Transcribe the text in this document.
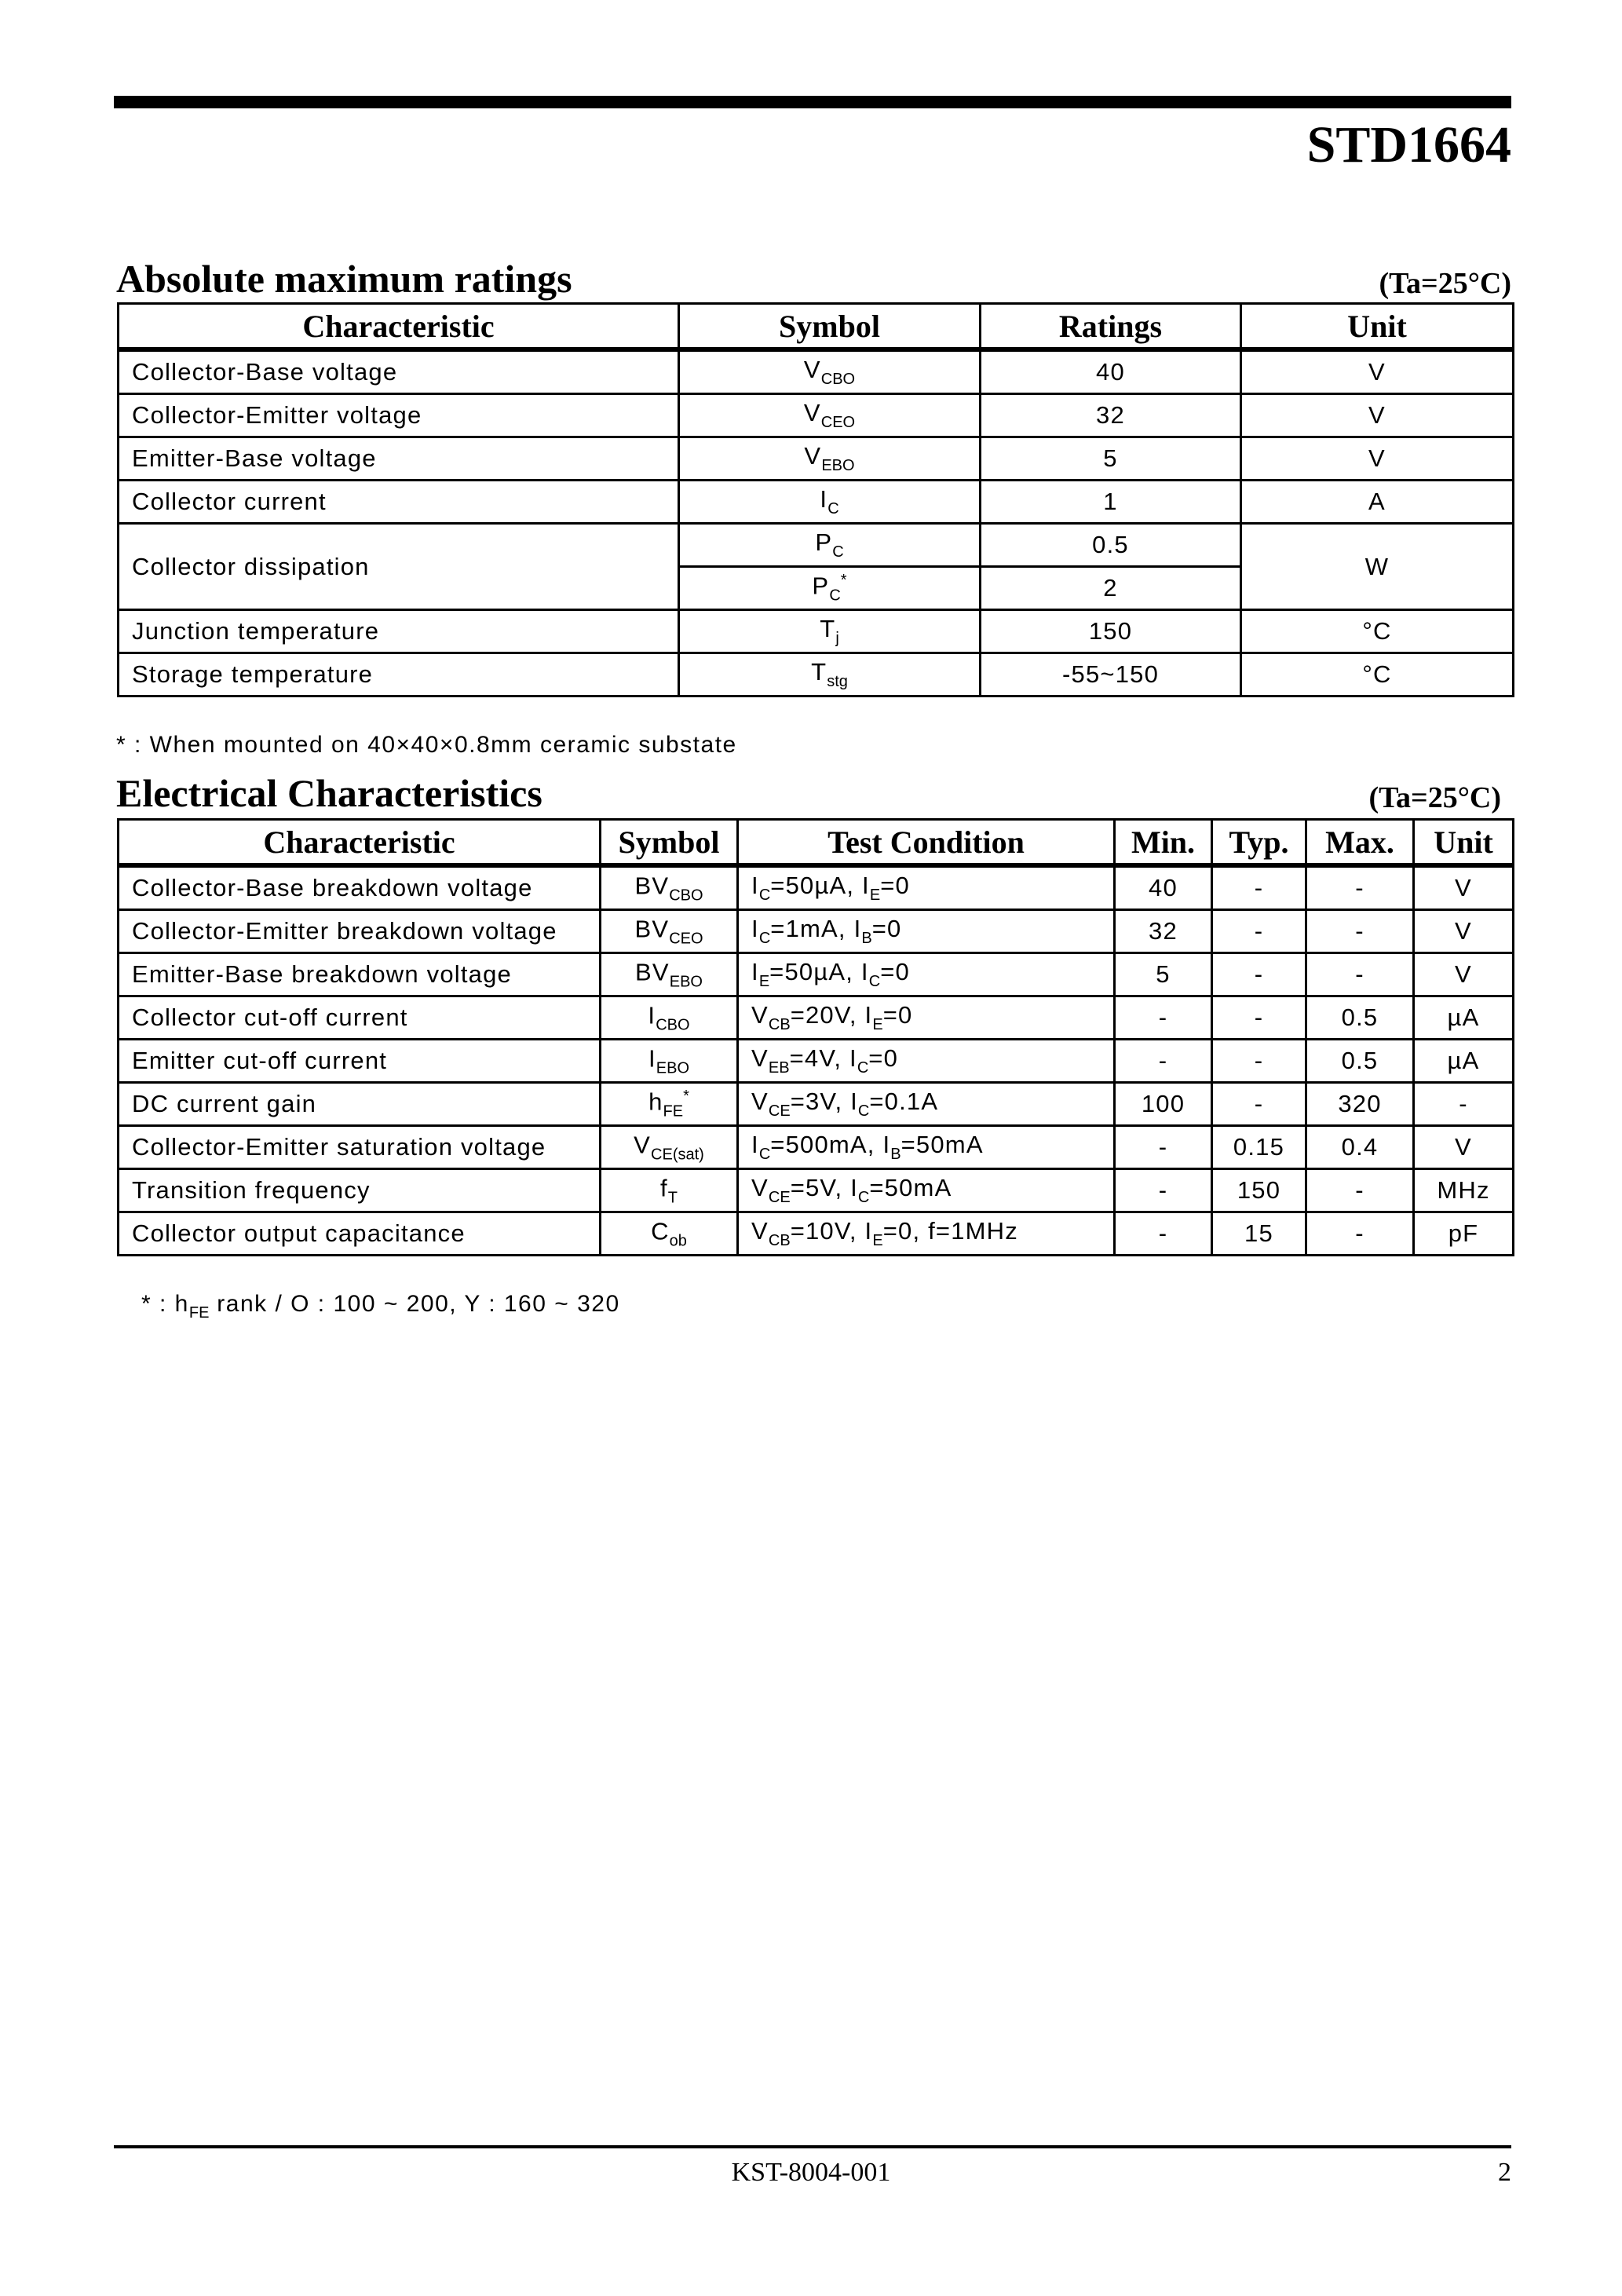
STD1664
Absolute maximum ratings	(Ta=25°C)
Characteristic	Symbol	Ratings	Unit
Collector-Base voltage	$V_{CBO}$	40	V
Collector-Emitter voltage	$V_{CEO}$	32	V
Emitter-Base voltage	$V_{EBO}$	5	V
Collector current	$I_C$	1	A
Collector dissipation	$P_C$	0.5	W
	$P_C^*$	2	
Junction temperature	$T_j$	150	°C
Storage temperature	$T_{stg}$	-55~150	°C
* : When mounted on 40×40×0.8mm ceramic substate
Electrical Characteristics	(Ta=25°C)
Characteristic	Symbol	Test Condition	Min.	Typ.	Max.	Unit
Collector-Base breakdown voltage	$BV_{CBO}$	$I_C=50\mu A$, $I_E=0$	40	-	-	V
Collector-Emitter breakdown voltage	$BV_{CEO}$	$I_C=1mA$, $I_B=0$	32	-	-	V
Emitter-Base breakdown voltage	$BV_{EBO}$	$I_E=50\mu A$, $I_C=0$	5	-	-	V
Collector cut-off current	$I_{CBO}$	$V_{CB}=20V$, $I_E=0$	-	-	0.5	µA
Emitter cut-off current	$I_{EBO}$	$V_{EB}=4V$, $I_C=0$	-	-	0.5	µA
DC current gain	$h_{FE}^*$	$V_{CE}=3V$, $I_C=0.1A$	100	-	320	-
Collector-Emitter saturation voltage	$V_{CE(sat)}$	$I_C=500mA$, $I_B=50mA$	-	0.15	0.4	V
Transition frequency	$f_T$	$V_{CE}=5V$, $I_C=50mA$	-	150	-	MHz
Collector output capacitance	$C_{ob}$	$V_{CB}=10V$, $I_E=0$, f=1MHz	-	15	-	pF
* : $h_{FE}$ rank / O : 100 ~ 200, Y : 160 ~ 320
KST-8004-001	2
